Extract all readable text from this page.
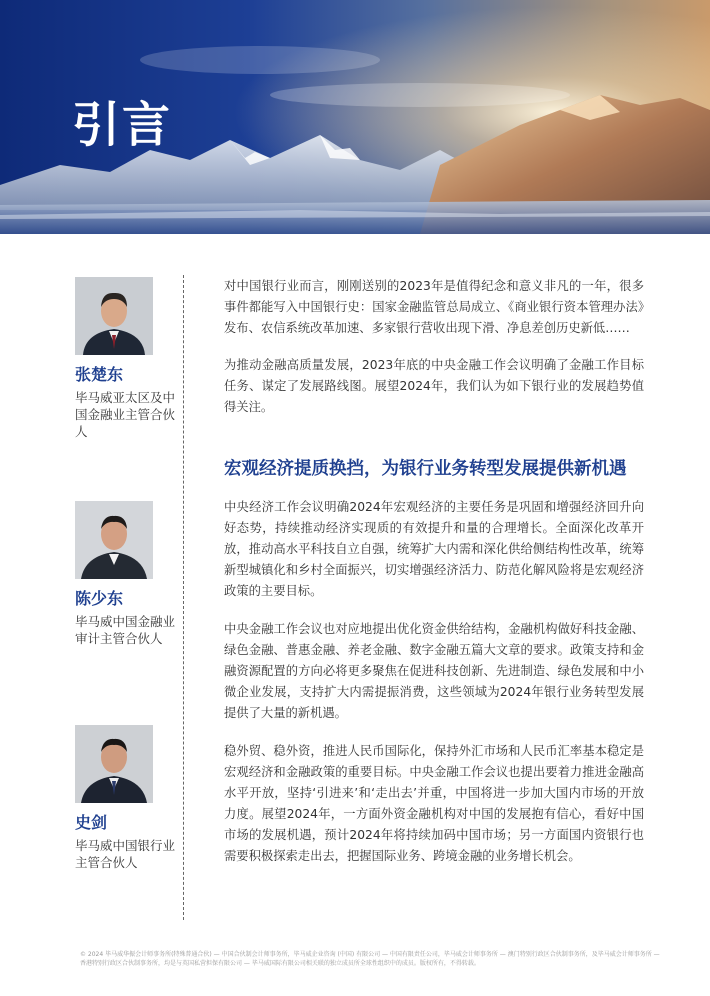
引言
张楚东
毕马威亚太区及中国金融业主管合伙人
陈少东
毕马威中国金融业审计主管合伙人
史剑
毕马威中国银行业主管合伙人

对中国银行业而言，刚刚送别的2023年是值得纪念和意义非凡的一年，很多事件都能写入中国银行史：国家金融监管总局成立、《商业银行资本管理办法》发布、农信系统改革加速、多家银行营收出现下滑、净息差创历史新低……

为推动金融高质量发展，2023年底的中央金融工作会议明确了金融工作目标任务、谋定了发展路线图。展望2024年，我们认为如下银行业的发展趋势值得关注。

宏观经济提质换挡，为银行业务转型发展提供新机遇

中央经济工作会议明确2024年宏观经济的主要任务是巩固和增强经济回升向好态势，持续推动经济实现质的有效提升和量的合理增长。全面深化改革开放，推动高水平科技自立自强，统筹扩大内需和深化供给侧结构性改革，统筹新型城镇化和乡村全面振兴，切实增强经济活力、防范化解风险将是宏观经济政策的主要目标。

中央金融工作会议也对应地提出优化资金供给结构，金融机构做好科技金融、绿色金融、普惠金融、养老金融、数字金融五篇大文章的要求。政策支持和金融资源配置的方向必将更多聚焦在促进科技创新、先进制造、绿色发展和中小微企业发展，支持扩大内需提振消费，这些领域为2024年银行业务转型发展提供了大量的新机遇。

稳外贸、稳外资，推进人民币国际化，保持外汇市场和人民币汇率基本稳定是宏观经济和金融政策的重要目标。中央金融工作会议也提出要着力推进金融高水平开放，坚持‘引进来’和‘走出去’并重，中国将进一步加大国内市场的开放力度。展望2024年，一方面外资金融机构对中国的发展抱有信心，看好中国市场的发展机遇，预计2024年将持续加码中国市场；另一方面国内资银行也需要积极探索走出去，把握国际业务、跨境金融的业务增长机会。

© 2024 毕马威华振会计师事务所(特殊普通合伙) — 中国合伙制会计师事务所，毕马威企业咨询 (中国) 有限公司 — 中国有限责任公司，毕马威会计师事务所 — 澳门特别行政区合伙制事务所，及毕马威会计师事务所 — 香港特别行政区合伙制事务所，均是与英国私营担保有限公司 — 毕马威国际有限公司相关联的独立成员所全球性组织中的成员。版权所有，不得转载。
